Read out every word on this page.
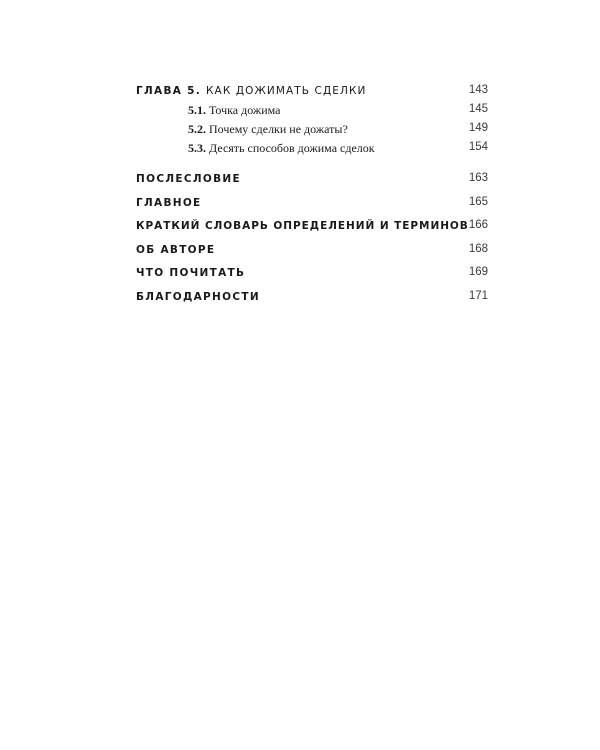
ГЛАВА 5. КАК ДОЖИМАТЬ СДЕЛКИ	143
5.1. Точка дожима	145
5.2. Почему сделки не дожаты?	149
5.3. Десять способов дожима сделок	154
ПОСЛЕСЛОВИЕ	163
ГЛАВНОЕ	165
КРАТКИЙ СЛОВАРЬ ОПРЕДЕЛЕНИЙ И ТЕРМИНОВ 166
ОБ АВТОРЕ	168
ЧТО ПОЧИТАТЬ	169
БЛАГОДАРНОСТИ	171
